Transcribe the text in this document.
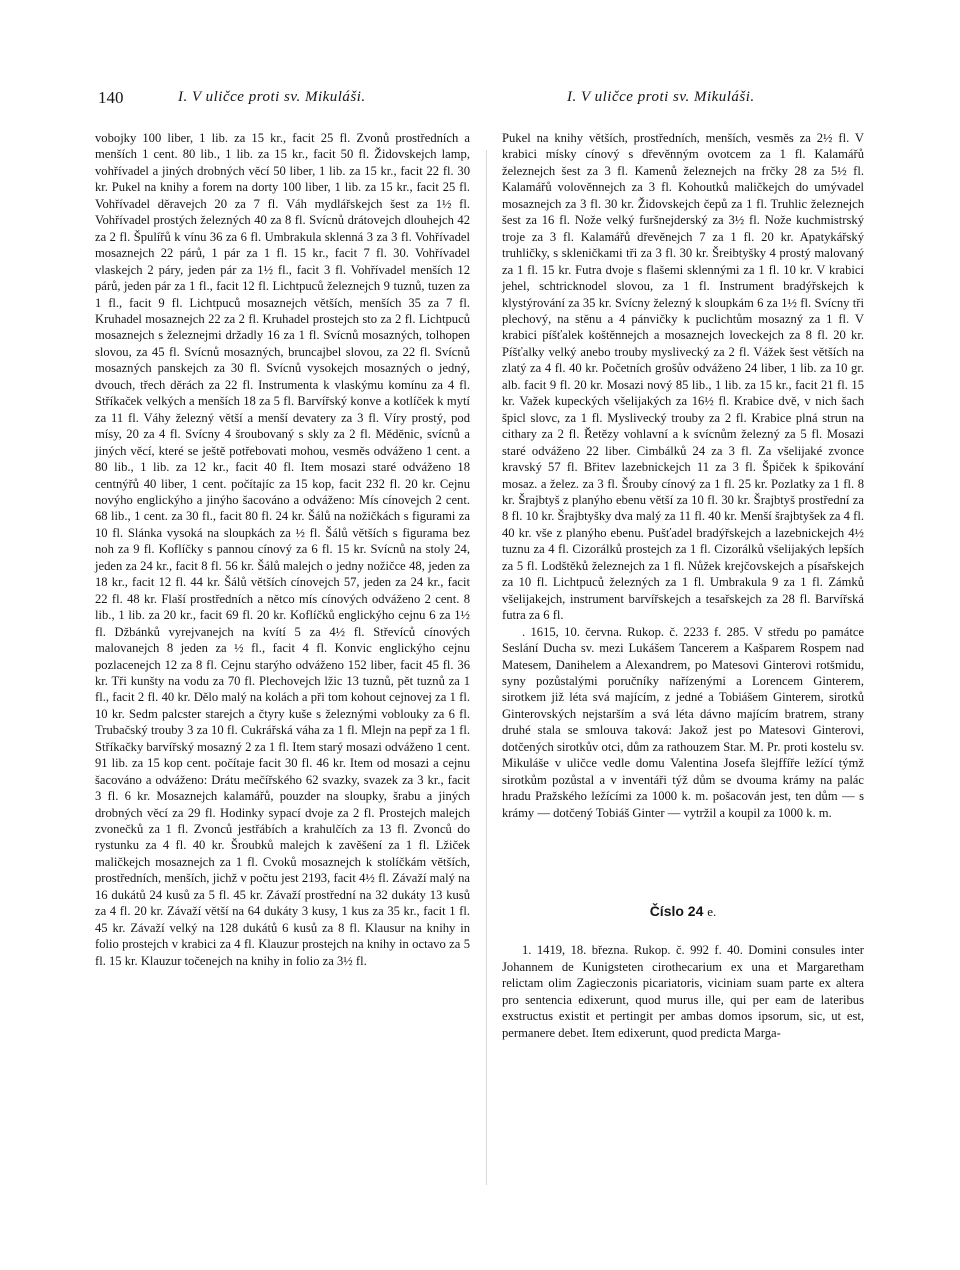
140	I. V uličce proti sv. Mikuláši.	I. V uličce proti sv. Mikuláši.

vobojky 100 liber, 1 lib. za 15 kr., facit 25 fl. Zvonů prostředních a menších 1 cent. 80 lib., 1 lib. za 15 kr., facit 50 fl. Židovskejch lamp, vohřívadel a jiných drobných věcí 50 liber, 1 lib. za 15 kr., facit 22 fl. 30 kr. Pukel na knihy a forem na dorty 100 liber, 1 lib. za 15 kr., facit 25 fl. Vohřívadel děravejch 20 za 7 fl. Váh mydlářskejch šest za 1½ fl. Vohřívadel prostých železných 40 za 8 fl. Svícnů drátovejch dlouhejch 42 za 2 fl. Špulířů k vínu 36 za 6 fl. Umbrakula sklenná 3 za 3 fl. Vohřívadel mosaznejch 22 párů, 1 pár za 1 fl. 15 kr., facit 7 fl. 30. Vohřívadel vlaskejch 2 páry, jeden pár za 1½ fl., facit 3 fl. Vohřívadel menších 12 párů, jeden pár za 1 fl., facit 12 fl. Lichtpuců železnejch 9 tuznů, tuzen za 1 fl., facit 9 fl. Lichtpuců mosaznejch větších, menších 35 za 7 fl. Kruhadel mosaznejch 22 za 2 fl. Kruhadel prostejch sto za 2 fl. Lichtpuců mosaznejch s železnejmi držadly 16 za 1 fl. Svícnů mosazných, tolhopen slovou, za 45 fl. Svícnů mosazných, bruncajbel slovou, za 22 fl. Svícnů mosazných panskejch za 30 fl. Svícnů vysokejch mosazných o jedný, dvouch, třech děrách za 22 fl. Instrumenta k vlaskýmu komínu za 4 fl. Stříkaček velkých a menších 18 za 5 fl. Barvířský konve a kotlíček k mytí za 11 fl. Váhy železný větší a menší devatery za 3 fl. Víry prostý, pod mísy, 20 za 4 fl. Svícny 4 šroubovaný s skly za 2 fl. Měděnic, svícnů a jiných věcí, které se ještě potřebovati mohou, vesměs odváženo 1 cent. a 80 lib., 1 lib. za 12 kr., facit 40 fl. Item mosazi staré odváženo 18 centnýřů 40 liber, 1 cent. počítajíc za 15 kop, facit 232 fl. 20 kr. Cejnu novýho englickýho a jinýho šacováno a odváženo: Mís cínovejch 2 cent. 68 lib., 1 cent. za 30 fl., facit 80 fl. 24 kr. Šálů na nožičkách s figurami za 10 fl. Slánka vysoká na sloupkách za ½ fl. Šálů větších s figurama bez noh za 9 fl. Koflíčky s pannou cínový za 6 fl. 15 kr. Svícnů na stoly 24, jeden za 24 kr., facit 8 fl. 56 kr. Šálů malejch o jedny nožičce 48, jeden za 18 kr., facit 12 fl. 44 kr. Šálů větších cínovejch 57, jeden za 24 kr., facit 22 fl. 48 kr. Flaší prostředních a nětco mís cínových odváženo 2 cent. 8 lib., 1 lib. za 20 kr., facit 69 fl. 20 kr. Koflíčků englickýho cejnu 6 za 1½ fl. Džbánků vyrejvanejch na kvítí 5 za 4½ fl. Střevíců cínových malovanejch 8 jeden za ½ fl., facit 4 fl. Konvic englickýho cejnu pozlacenejch 12 za 8 fl. Cejnu starýho odváženo 152 liber, facit 45 fl. 36 kr. Tři kunšty na vodu za 70 fl. Plechovejch lžic 13 tuznů, pět tuznů za 1 fl., facit 2 fl. 40 kr. Dělo malý na kolách a při tom kohout cejnovej za 1 fl. 10 kr. Sedm palcster starejch a čtyry kuše s železnými voblouky za 6 fl. Trubačský trouby 3 za 10 fl. Cukrářská váha za 1 fl. Mlejn na pepř za 1 fl. Stříkačky barvířský mosazný 2 za 1 fl. Item starý mosazi odváženo 1 cent. 91 lib. za 15 kop cent. počítaje facit 30 fl. 46 kr. Item od mosazi a cejnu šacováno a odváženo: Drátu mečířského 62 svazky, svazek za 3 kr., facit 3 fl. 6 kr. Mosaznejch kalamářů, pouzder na sloupky, šrabu a jiných drobných věcí za 29 fl. Hodinky sypací dvoje za 2 fl. Prostejch malejch zvonečků za 1 fl. Zvonců jestřábích a krahulčích za 13 fl. Zvonců do rystunku za 4 fl. 40 kr. Šroubků malejch k zavěšení za 1 fl. Lžiček maličkejch mosaznejch za 1 fl. Cvoků mosaznejch k stolíčkám větších, prostředních, menších, jichž v počtu jest 2193, facit 4½ fl. Závaží malý na 16 dukátů 24 kusů za 5 fl. 45 kr. Závaží prostřední na 32 dukáty 13 kusů za 4 fl. 20 kr. Závaží větší na 64 dukáty 3 kusy, 1 kus za 35 kr., facit 1 fl. 45 kr. Závaží velký na 128 dukátů 6 kusů za 8 fl. Klausur na knihy in folio prostejch v krabici za 4 fl. Klauzur prostejch na knihy in octavo za 5 fl. 15 kr. Klauzur točenejch na knihy in folio za 3½ fl.

Pukel na knihy větších, prostředních, menších, vesměs za 2½ fl. V krabici mísky cínový s dřevěnným ovotcem za 1 fl. Kalamářů železnejch šest za 3 fl. Kamenů železnejch na frčky 28 za 5½ fl. Kalamářů volověnnejch za 3 fl. Kohoutků maličkejch do umývadel mosaznejch za 3 fl. 30 kr. Židovskejch čepů za 1 fl. Truhlic železnejch šest za 16 fl. Nože velký furšnejderský za 3½ fl. Nože kuchmistrský troje za 3 fl. Kalamářů dřevěnejch 7 za 1 fl. 20 kr. Apatykářský truhličky, s skleničkami tři za 3 fl. 30 kr. Šreibtyšky 4 prostý malovaný za 1 fl. 15 kr. Futra dvoje s flašemi sklennými za 1 fl. 10 kr. V krabici jehel, schtricknodel slovou, za 1 fl. Instrument bradýřskejch k klystýrování za 35 kr. Svícny železný k sloupkám 6 za 1½ fl. Svícny tři plechový, na stěnu a 4 pánvičky k puclichtům mosazný za 1 fl. V krabici píšťalek koštěnnejch a mosaznejch loveckejch za 8 fl. 20 kr. Píšťalky velký anebo trouby myslivecký za 2 fl. Vážek šest větších na zlatý za 4 fl. 40 kr. Početních grošův odváženo 24 liber, 1 lib. za 10 gr. alb. facit 9 fl. 20 kr. Mosazi nový 85 lib., 1 lib. za 15 kr., facit 21 fl. 15 kr. Važek kupeckých všelijakých za 16½ fl. Krabice dvě, v nich šach špicl slovc, za 1 fl. Myslivecký trouby za 2 fl. Krabice plná strun na citharу za 2 fl. Řetězy vohlavní a k svícnům železný za 5 fl. Mosazi staré odváženo 22 liber. Cimbálků 24 za 3 fl. Za všelijaké zvonce kravský 57 fl. Břitev lazebnickejch 11 za 3 fl. Špiček k špikování mosaz. a želez. za 3 fl. Šrouby cínový za 1 fl. 25 kr. Pozlatky za 1 fl. 8 kr. Šrajbtyš z planýho ebenu větší za 10 fl. 30 kr. Šrajbtyš prostřední za 8 fl. 10 kr. Šrajbtyšky dva malý za 11 fl. 40 kr. Menší šrajbtyšek za 4 fl. 40 kr. vše z planýho ebenu. Pušťadel bradýřskejch a lazebnickejch 4½ tuznu za 4 fl. Cizorálků prostejch za 1 fl. Cizorálků všelijakých lepších za 5 fl. Lodštěků železnejch za 1 fl. Nůžek krejčovskejch a písařskejch za 10 fl. Lichtpuců železných za 1 fl. Umbrakula 9 za 1 fl. Zámků všelijakejch, instrument barvířskejch a tesařskejch za 28 fl. Barvířská futra za 6 fl.

. 1615, 10. června. Rukop. č. 2233 f. 285. V středu po památce Seslání Ducha sv. mezi Lukášem Tancerem a Kašparem Rospem nad Matesem, Danihelem a Alexandrem, po Matesovi Ginterovi rotšmidu, syny pozůstalými poručníky nařízenými a Lorencem Ginterem, sirotkem již léta svá majícím, z jedné a Tobiášem Ginterem, sirotků Ginterovských nejstarším a svá léta dávno majícím bratrem, strany druhé stala se smlouva taková: Jakož jest po Matesovi Ginterovi, dotčených sirotkův otci, dům za rathouzem Star. M. Pr. proti kostelu sv. Mikuláše v uličce vedle domu Valentina Josefa šlejffíře ležící týmž sirotkům pozůstal a v inventáři týž dům se dvouma krámy na palác hradu Pražského ležícími za 1000 k. m. pošacován jest, ten dům — s krámy — dotčený Tobiáš Ginter — vytržil a koupil za 1000 k. m.

Číslo 24 e.

1. 1419, 18. března. Rukop. č. 992 f. 40. Domini consules inter Johannem de Kunigsteten cirothecarium ex una et Margaretham relictam olim Zagieczonis picariatoris, viciniam suam parte ex altera pro sentencia edixerunt, quod murus ille, qui per eam de lateribus exstructus existit et pertingit per ambas domos ipsorum, sic, ut est, permanere debet. Item edixerunt, quod predicta Marga-
